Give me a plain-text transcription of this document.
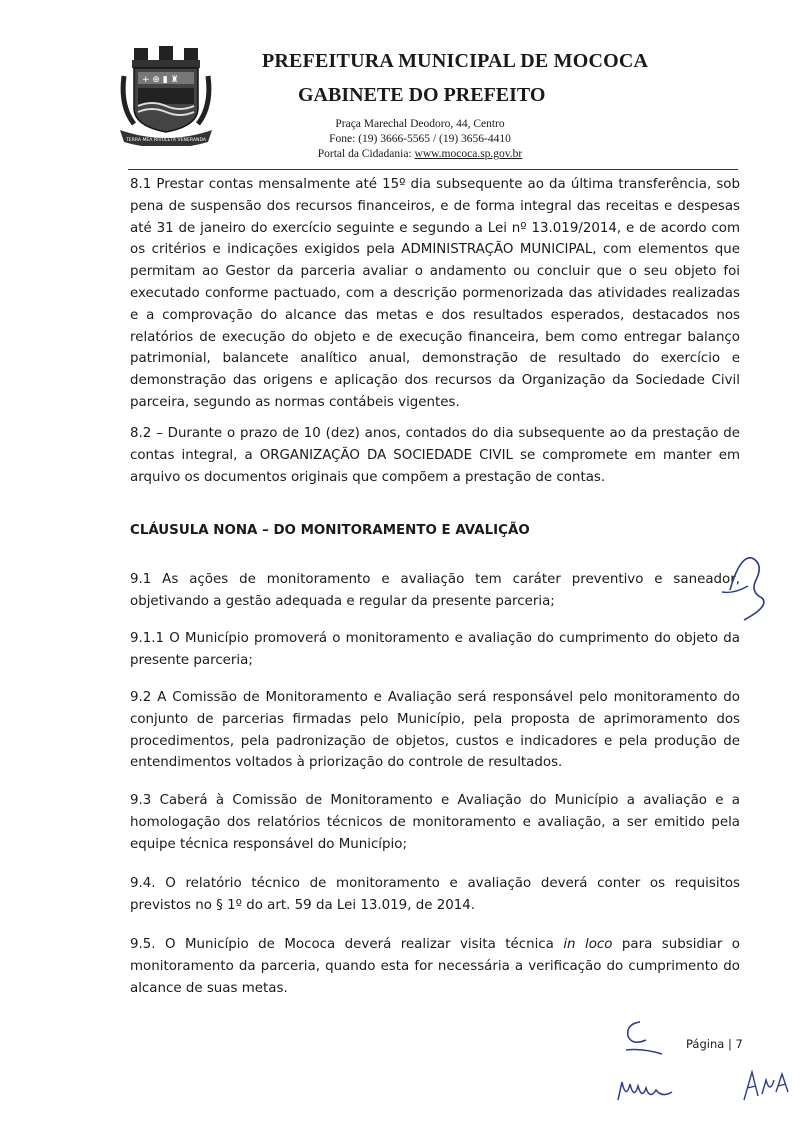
+ ⊕ ▮ ♜
TERRA MEA RIVULETA VENERANDA
PREFEITURA MUNICIPAL DE MOCOCA
GABINETE DO PREFEITO
Praça Marechal Deodoro, 44, Centro
Fone: (19) 3666-5565 / (19) 3656-4410
Portal da Cidadania: www.mococa.sp.gov.br
8.1 Prestar contas mensalmente até 15º dia subsequente ao da última transferência, sob pena de suspensão dos recursos financeiros, e de forma integral das receitas e despesas até 31 de janeiro do exercício seguinte e segundo a Lei nº 13.019/2014, e de acordo com os critérios e indicações exigidos pela ADMINISTRAÇÃO MUNICIPAL, com elementos que permitam ao Gestor da parceria avaliar o andamento ou concluir que o seu objeto foi executado conforme pactuado, com a descrição pormenorizada das atividades realizadas e a comprovação do alcance das metas e dos resultados esperados, destacados nos relatórios de execução do objeto e de execução financeira, bem como entregar balanço patrimonial, balancete analítico anual, demonstração de resultado do exercício e demonstração das origens e aplicação dos recursos da Organização da Sociedade Civil parceira, segundo as normas contábeis vigentes.
8.2 – Durante o prazo de 10 (dez) anos, contados do dia subsequente ao da prestação de contas integral, a ORGANIZAÇÃO DA SOCIEDADE CIVIL se compromete em manter em arquivo os documentos originais que compõem a prestação de contas.
CLÁUSULA NONA – DO MONITORAMENTO E AVALIÇÃO
9.1 As ações de monitoramento e avaliação tem caráter preventivo e saneador, objetivando a gestão adequada e regular da presente parceria;
9.1.1 O Município promoverá o monitoramento e avaliação do cumprimento do objeto da presente parceria;
9.2 A Comissão de Monitoramento e Avaliação será responsável pelo monitoramento do conjunto de parcerias firmadas pelo Município, pela proposta de aprimoramento dos procedimentos, pela padronização de objetos, custos e indicadores e pela produção de entendimentos voltados à priorização do controle de resultados.
9.3 Caberá à Comissão de Monitoramento e Avaliação do Município a avaliação e a homologação dos relatórios técnicos de monitoramento e avaliação, a ser emitido pela equipe técnica responsável do Município;
9.4. O relatório técnico de monitoramento e avaliação deverá conter os requisitos previstos no § 1º do art. 59 da Lei 13.019, de 2014.
9.5. O Município de Mococa deverá realizar visita técnica in loco para subsidiar o monitoramento da parceria, quando esta for necessária a verificação do cumprimento do alcance de suas metas.
Página | 7
